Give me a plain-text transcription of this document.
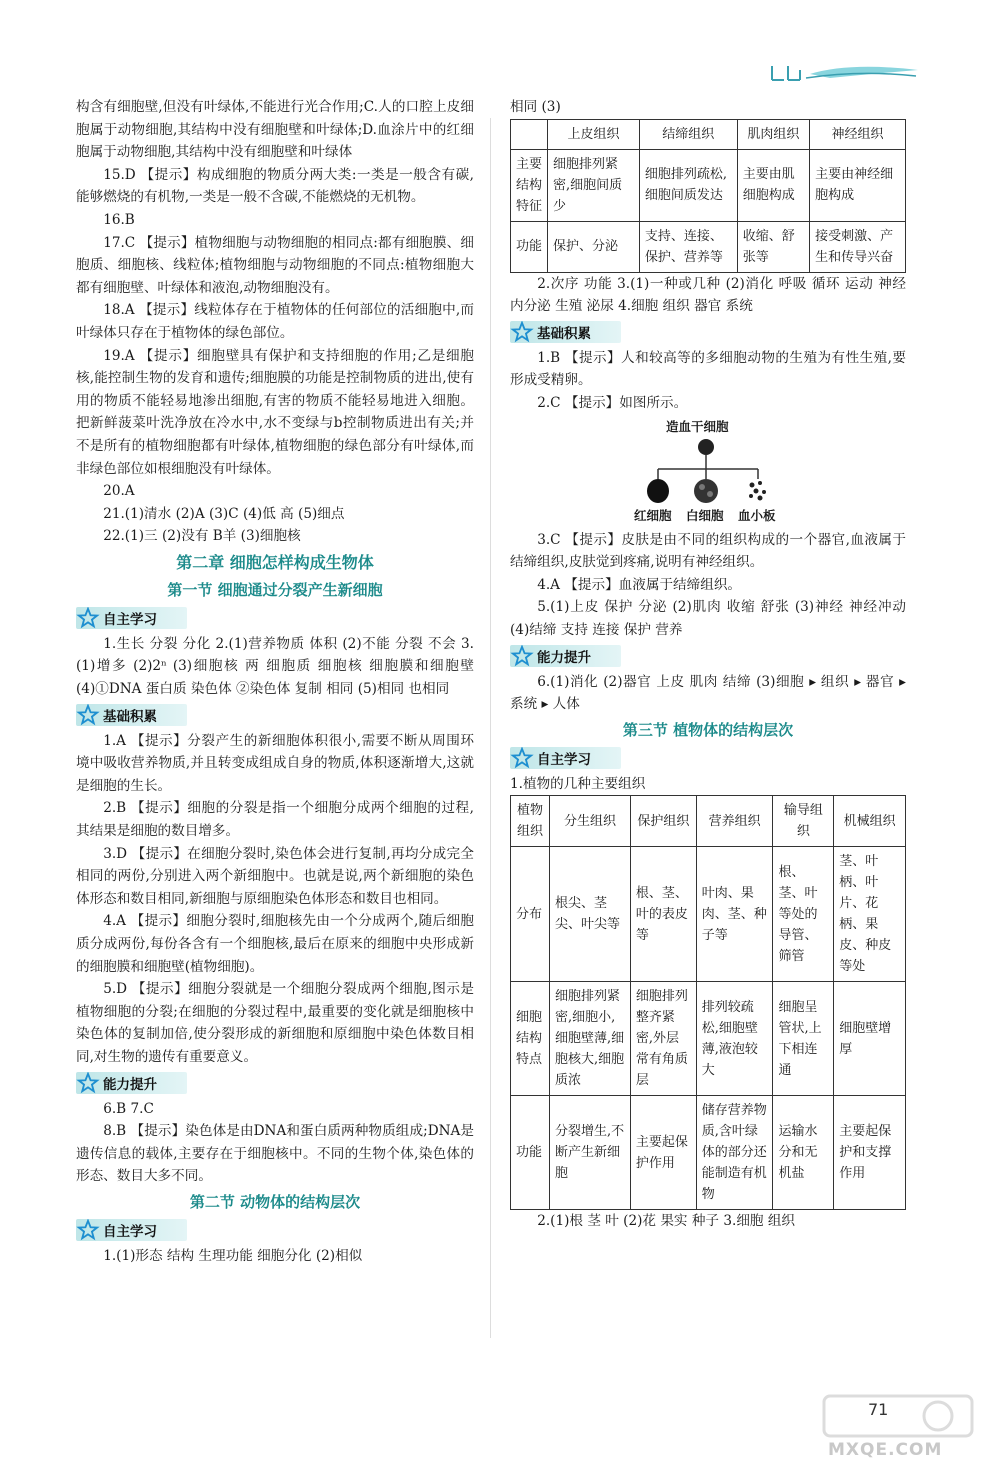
构含有细胞壁,但没有叶绿体,不能进行光合作用;C.人的口腔上皮细胞属于动物细胞,其结构中没有细胞壁和叶绿体;D.血涂片中的红细胞属于动物细胞,其结构中没有细胞壁和叶绿体

15.D 【提示】构成细胞的物质分两大类:一类是一般含有碳,能够燃烧的有机物,一类是一般不含碳,不能燃烧的无机物。

16.B

17.C 【提示】植物细胞与动物细胞的相同点:都有细胞膜、细胞质、细胞核、线粒体;植物细胞与动物细胞的不同点:植物细胞大都有细胞壁、叶绿体和液泡,动物细胞没有。

18.A 【提示】线粒体存在于植物体的任何部位的活细胞中,而叶绿体只存在于植物体的绿色部位。

19.A 【提示】细胞壁具有保护和支持细胞的作用;乙是细胞核,能控制生物的发育和遗传;细胞膜的功能是控制物质的进出,使有用的物质不能轻易地渗出细胞,有害的物质不能轻易地进入细胞。把新鲜菠菜叶洗净放在冷水中,水不变绿与b控制物质进出有关;并不是所有的植物细胞都有叶绿体,植物细胞的绿色部分有叶绿体,而非绿色部位如根细胞没有叶绿体。

20.A

21.(1)清水 (2)A (3)C (4)低 高 (5)细点

22.(1)三 (2)没有 B羊 (3)细胞核

第二章 细胞怎样构成生物体
第一节 细胞通过分裂产生新细胞
自主学习

1.生长 分裂 分化 2.(1)营养物质 体积 (2)不能 分裂 不会 3.(1)增多 (2)2ⁿ (3)细胞核 两 细胞质 细胞核 细胞膜和细胞壁 (4)①DNA 蛋白质 染色体 ②染色体 复制 相同 (5)相同 也相同

基础积累

1.A 【提示】分裂产生的新细胞体积很小,需要不断从周围环境中吸收营养物质,并且转变成组成自身的物质,体积逐渐增大,这就是细胞的生长。

2.B 【提示】细胞的分裂是指一个细胞分成两个细胞的过程,其结果是细胞的数目增多。

3.D 【提示】在细胞分裂时,染色体会进行复制,再均分成完全相同的两份,分别进入两个新细胞中。也就是说,两个新细胞的染色体形态和数目相同,新细胞与原细胞染色体形态和数目也相同。

4.A 【提示】细胞分裂时,细胞核先由一个分成两个,随后细胞质分成两份,每份各含有一个细胞核,最后在原来的细胞中央形成新的细胞膜和细胞壁(植物细胞)。

5.D 【提示】细胞分裂就是一个细胞分裂成两个细胞,图示是植物细胞的分裂;在细胞的分裂过程中,最重要的变化就是细胞核中染色体的复制加倍,使分裂形成的新细胞和原细胞中染色体数目相同,对生物的遗传有重要意义。

能力提升

6.B 7.C

8.B 【提示】染色体是由DNA和蛋白质两种物质组成;DNA是遗传信息的载体,主要存在于细胞核中。不同的生物个体,染色体的形态、数目大多不同。

第二节 动物体的结构层次
自主学习

1.(1)形态 结构 生理功能 细胞分化 (2)相似

相同 (3)

	上皮组织	结缔组织	肌肉组织	神经组织
主要结构特征	细胞排列紧密,细胞间质少	细胞排列疏松,细胞间质发达	主要由肌细胞构成	主要由神经细胞构成
功能	保护、分泌	支持、连接、保护、营养等	收缩、舒张等	接受刺激、产生和传导兴奋

2.次序 功能 3.(1)一种或几种 (2)消化 呼吸 循环 运动 神经 内分泌 生殖 泌尿 4.细胞 组织 器官 系统

基础积累

1.B 【提示】人和较高等的多细胞动物的生殖为有性生殖,要形成受精卵。

2.C 【提示】如图所示。

造血干细胞
红细胞 白细胞 血小板

3.C 【提示】皮肤是由不同的组织构成的一个器官,血液属于结缔组织,皮肤觉到疼痛,说明有神经组织。

4.A 【提示】血液属于结缔组织。

5.(1)上皮 保护 分泌 (2)肌肉 收缩 舒张 (3)神经 神经冲动 (4)结缔 支持 连接 保护 营养

能力提升

6.(1)消化 (2)器官 上皮 肌肉 结缔 (3)细胞 ▸ 组织 ▸ 器官 ▸ 系统 ▸ 人体

第三节 植物体的结构层次
自主学习

1.植物的几种主要组织

植物组织	分生组织	保护组织	营养组织	输导组织	机械组织
分布	根尖、茎尖、叶尖等	根、茎、叶的表皮等	叶肉、果肉、茎、种子等	根、茎、叶等处的导管、筛管	茎、叶柄、叶片、花柄、果皮、种皮等处
细胞结构特点	细胞排列紧密,细胞小,细胞壁薄,细胞核大,细胞质浓	细胞排列整齐紧密,外层常有角质层	排列较疏松,细胞壁薄,液泡较大	细胞呈管状,上下相连通	细胞壁增厚
功能	分裂增生,不断产生新细胞	主要起保护作用	储存营养物质,含叶绿体的部分还能制造有机物	运输水分和无机盐	主要起保护和支撑作用

2.(1)根 茎 叶 (2)花 果实 种子 3.细胞 组织

71
MXQE.COM
